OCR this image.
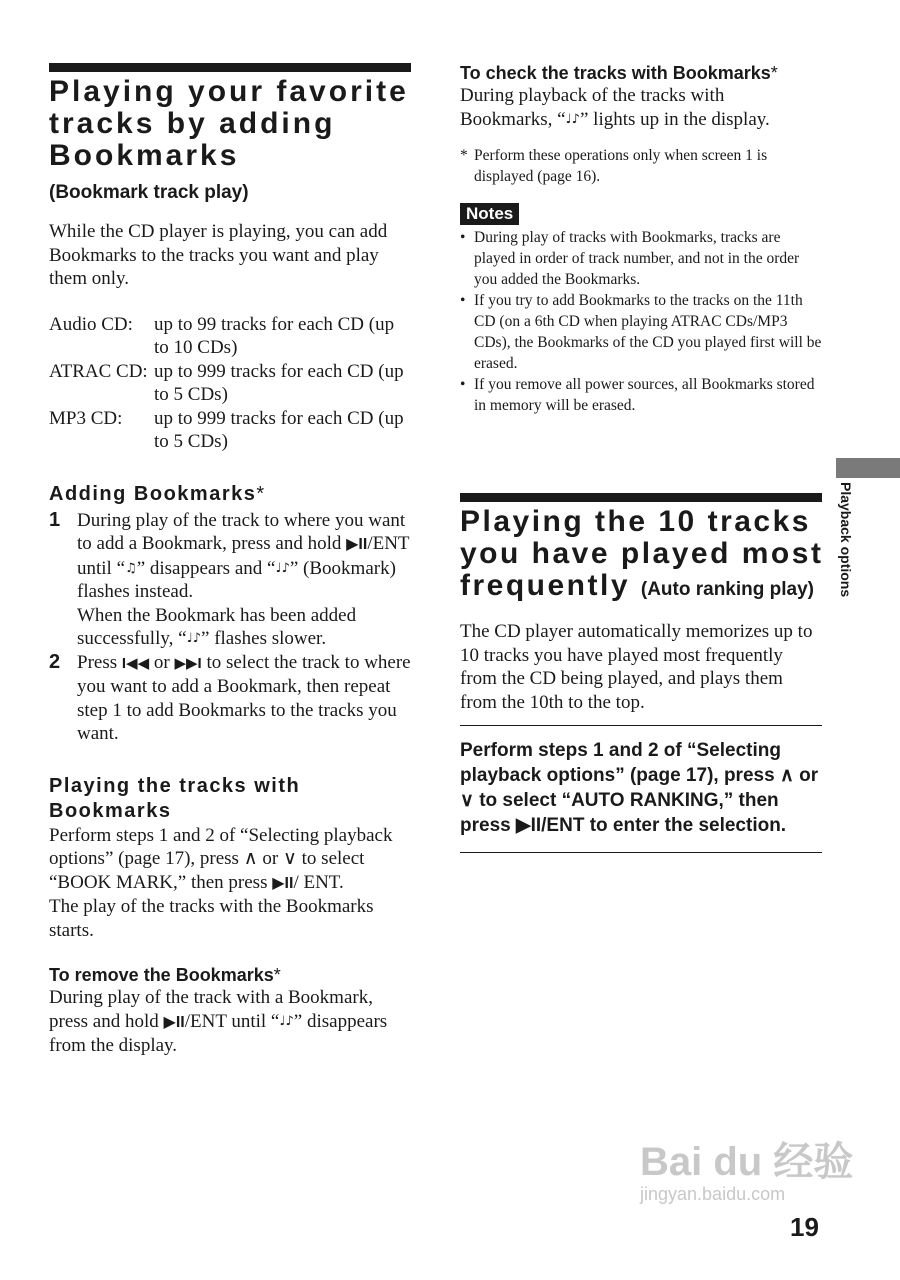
Playing your favorite tracks by adding Bookmarks
(Bookmark track play)
While the CD player is playing, you can add Bookmarks to the tracks you want and play them only.
Audio CD:	up to 99 tracks for each CD (up to 10 CDs)
ATRAC CD: up to 999 tracks for each CD (up to 5 CDs)
MP3 CD:	up to 999 tracks for each CD (up to 5 CDs)
Adding Bookmarks*
1 During play of the track to where you want to add a Bookmark, press and hold ▶II/ENT until “♫” disappears and “♩♪” (Bookmark) flashes instead.
When the Bookmark has been added successfully, “♩♪” flashes slower.
2 Press I◀◀ or ▶▶I to select the track to where you want to add a Bookmark, then repeat step 1 to add Bookmarks to the tracks you want.
Playing the tracks with Bookmarks
Perform steps 1 and 2 of “Selecting playback options” (page 17), press ∧ or ∨ to select “BOOK MARK,” then press ▶II/ ENT.
The play of the tracks with the Bookmarks starts.
To remove the Bookmarks*
During play of the track with a Bookmark, press and hold ▶II/ENT until “♩♪” disappears from the display.
To check the tracks with Bookmarks*
During playback of the tracks with Bookmarks, “♩♪” lights up in the display.
* Perform these operations only when screen 1 is displayed (page 16).
Notes
• During play of tracks with Bookmarks, tracks are played in order of track number, and not in the order you added the Bookmarks.
• If you try to add Bookmarks to the tracks on the 11th CD (on a 6th CD when playing ATRAC CDs/MP3 CDs), the Bookmarks of the CD you played first will be erased.
• If you remove all power sources, all Bookmarks stored in memory will be erased.
Playing the 10 tracks you have played most frequently (Auto ranking play)
The CD player automatically memorizes up to 10 tracks you have played most frequently from the CD being played, and plays them from the 10th to the top.
Perform steps 1 and 2 of “Selecting playback options” (page 17), press ∧ or ∨ to select “AUTO RANKING,” then press ▶II/ENT to enter the selection.
Playback options
Bai du 经验
jingyan.baidu.com
19
